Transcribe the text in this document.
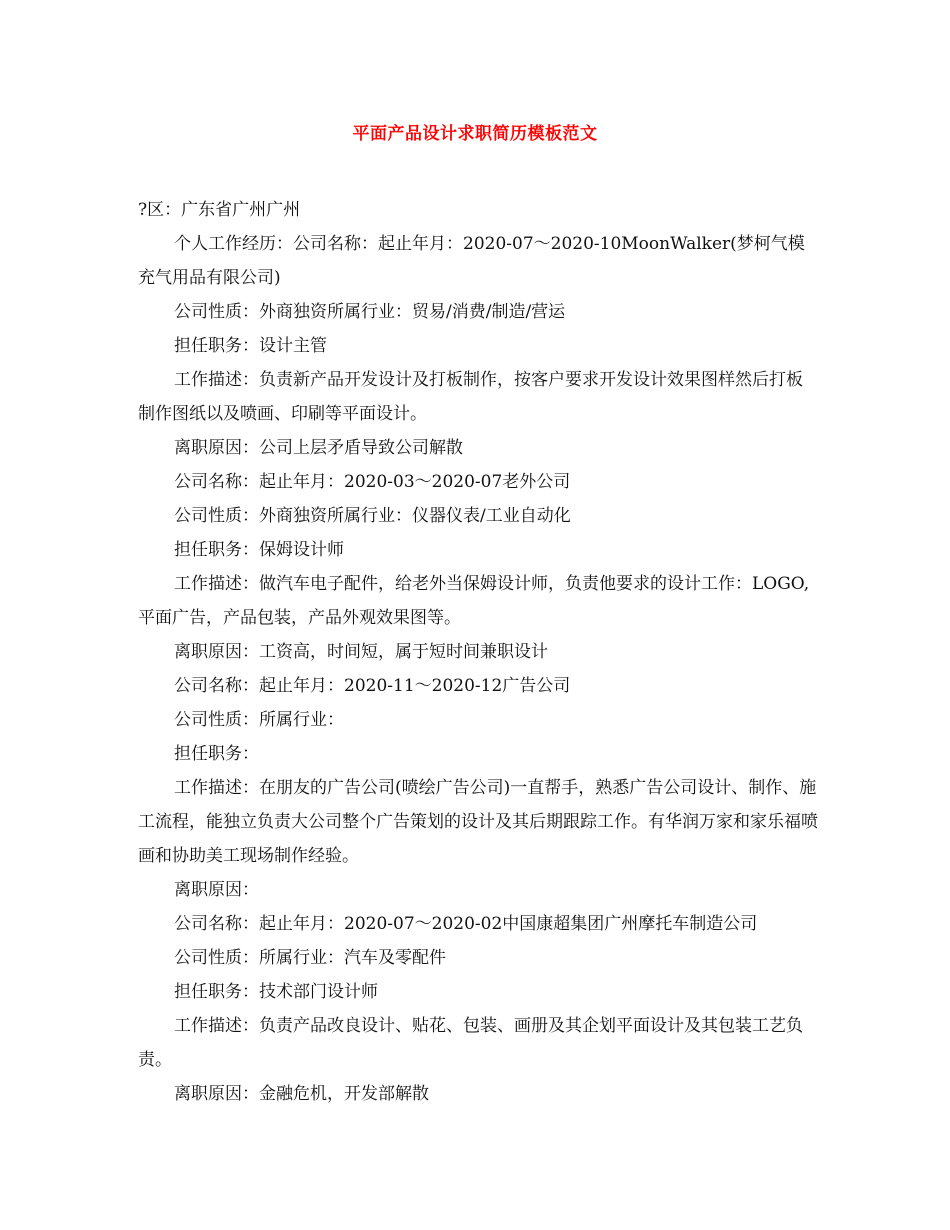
平面产品设计求职简历模板范文

?区：广东省广州广州

个人工作经历：公司名称：起止年月：2020-07～2020-10MoonWalker(梦柯气模充气用品有限公司)

公司性质：外商独资所属行业：贸易/消费/制造/营运

担任职务：设计主管

工作描述：负责新产品开发设计及打板制作，按客户要求开发设计效果图样然后打板制作图纸以及喷画、印刷等平面设计。

离职原因：公司上层矛盾导致公司解散

公司名称：起止年月：2020-03～2020-07老外公司

公司性质：外商独资所属行业：仪器仪表/工业自动化

担任职务：保姆设计师

工作描述：做汽车电子配件，给老外当保姆设计师，负责他要求的设计工作：LOGO,平面广告，产品包装，产品外观效果图等。

离职原因：工资高，时间短，属于短时间兼职设计

公司名称：起止年月：2020-11～2020-12广告公司

公司性质：所属行业：

担任职务：

工作描述：在朋友的广告公司(喷绘广告公司)一直帮手，熟悉广告公司设计、制作、施工流程，能独立负责大公司整个广告策划的设计及其后期跟踪工作。有华润万家和家乐福喷画和协助美工现场制作经验。

离职原因：

公司名称：起止年月：2020-07～2020-02中国康超集团广州摩托车制造公司

公司性质：所属行业：汽车及零配件

担任职务：技术部门设计师

工作描述：负责产品改良设计、贴花、包装、画册及其企划平面设计及其包装工艺负责。

离职原因：金融危机，开发部解散
